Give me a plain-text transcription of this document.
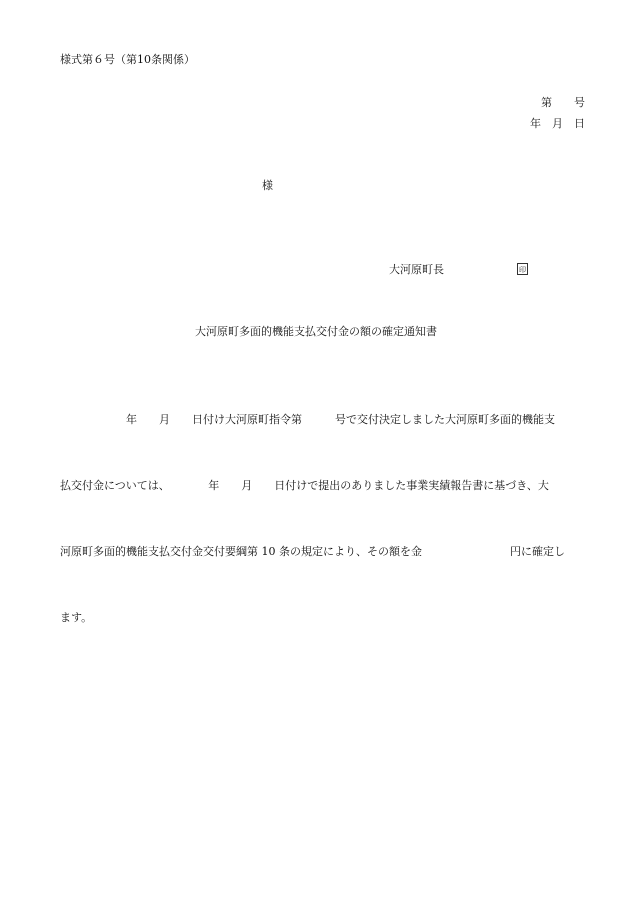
様式第６号（第10条関係）
第　　号
年　月　日
様
大河原町長	印
大河原町多面的機能支払交付金の額の確定通知書

　　　　　　年　　月　　日付け大河原町指令第　　　号で交付決定しました大河原町多面的機能支

払交付金については、　　　　年　　月　　日付けで提出のありました事業実績報告書に基づき、大

河原町多面的機能支払交付金交付要綱第 10 条の規定により、その額を金　　　　　　　　円に確定し

ます。
